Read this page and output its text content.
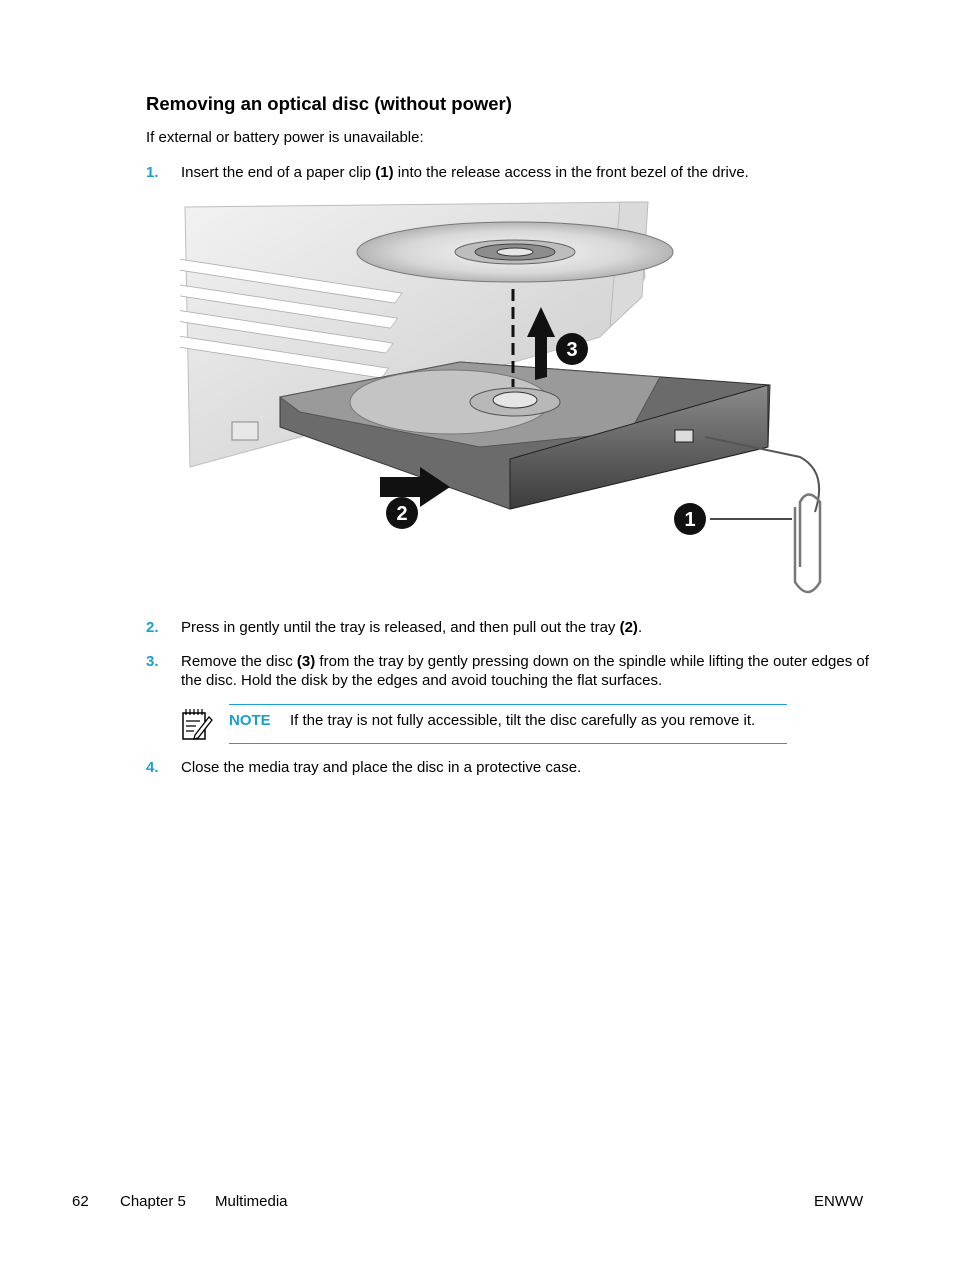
Removing an optical disc (without power)

If external or battery power is unavailable:

1. Insert the end of a paper clip (1) into the release access in the front bezel of the drive.
3
2	1
2. Press in gently until the tray is released, and then pull out the tray (2).
3. Remove the disc (3) from the tray by gently pressing down on the spindle while lifting the outer edges of the disc. Hold the disk by the edges and avoid touching the flat surfaces.
NOTE If the tray is not fully accessible, tilt the disc carefully as you remove it.
4. Close the media tray and place the disc in a protective case.
62 Chapter 5 Multimedia	ENWW
